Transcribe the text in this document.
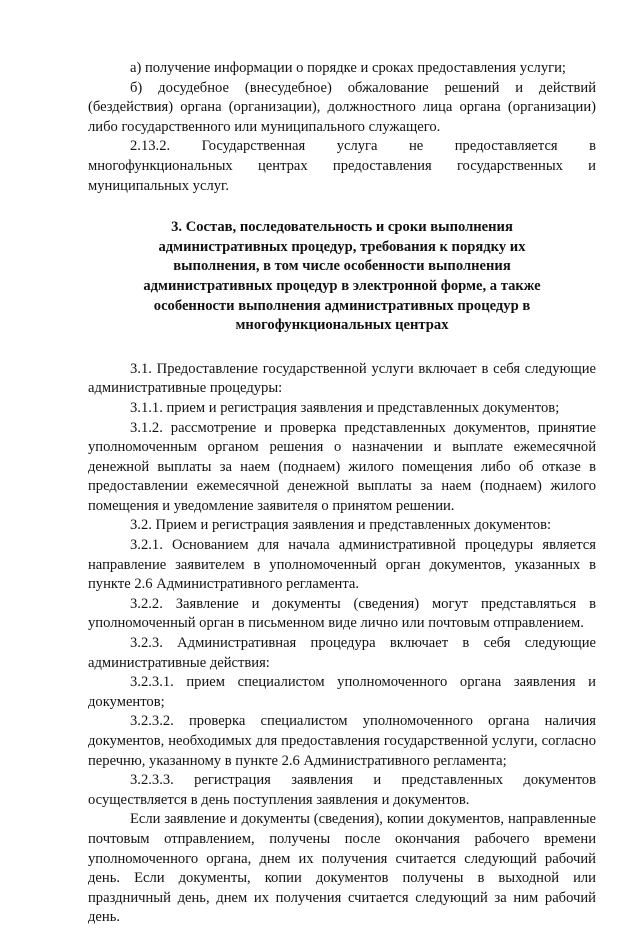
а) получение информации о порядке и сроках предоставления услуги;

б) досудебное (внесудебное) обжалование решений и действий (бездействия) органа (организации), должностного лица органа (организации) либо государственного или муниципального служащего.

2.13.2. Государственная услуга не предоставляется в многофункциональных центрах предоставления государственных и муниципальных услуг.

3. Состав, последовательность и сроки выполнения административных процедур, требования к порядку их выполнения, в том числе особенности выполнения административных процедур в электронной форме, а также особенности выполнения административных процедур в многофункциональных центрах

3.1. Предоставление государственной услуги включает в себя следующие административные процедуры:

3.1.1. прием и регистрация заявления и представленных документов;

3.1.2. рассмотрение и проверка представленных документов, принятие уполномоченным органом решения о назначении и выплате ежемесячной денежной выплаты за наем (поднаем) жилого помещения либо об отказе в предоставлении ежемесячной денежной выплаты за наем (поднаем) жилого помещения и уведомление заявителя о принятом решении.

3.2. Прием и регистрация заявления и представленных документов:

3.2.1. Основанием для начала административной процедуры является направление заявителем в уполномоченный орган документов, указанных в пункте 2.6 Административного регламента.

3.2.2. Заявление и документы (сведения) могут представляться в уполномоченный орган в письменном виде лично или почтовым отправлением.

3.2.3. Административная процедура включает в себя следующие административные действия:

3.2.3.1. прием специалистом уполномоченного органа заявления и документов;

3.2.3.2. проверка специалистом уполномоченного органа наличия документов, необходимых для предоставления государственной услуги, согласно перечню, указанному в пункте 2.6 Административного регламента;

3.2.3.3. регистрация заявления и представленных документов осуществляется в день поступления заявления и документов.

Если заявление и документы (сведения), копии документов, направленные почтовым отправлением, получены после окончания рабочего времени уполномоченного органа, днем их получения считается следующий рабочий день. Если документы, копии документов получены в выходной или праздничный день, днем их получения считается следующий за ним рабочий день.
